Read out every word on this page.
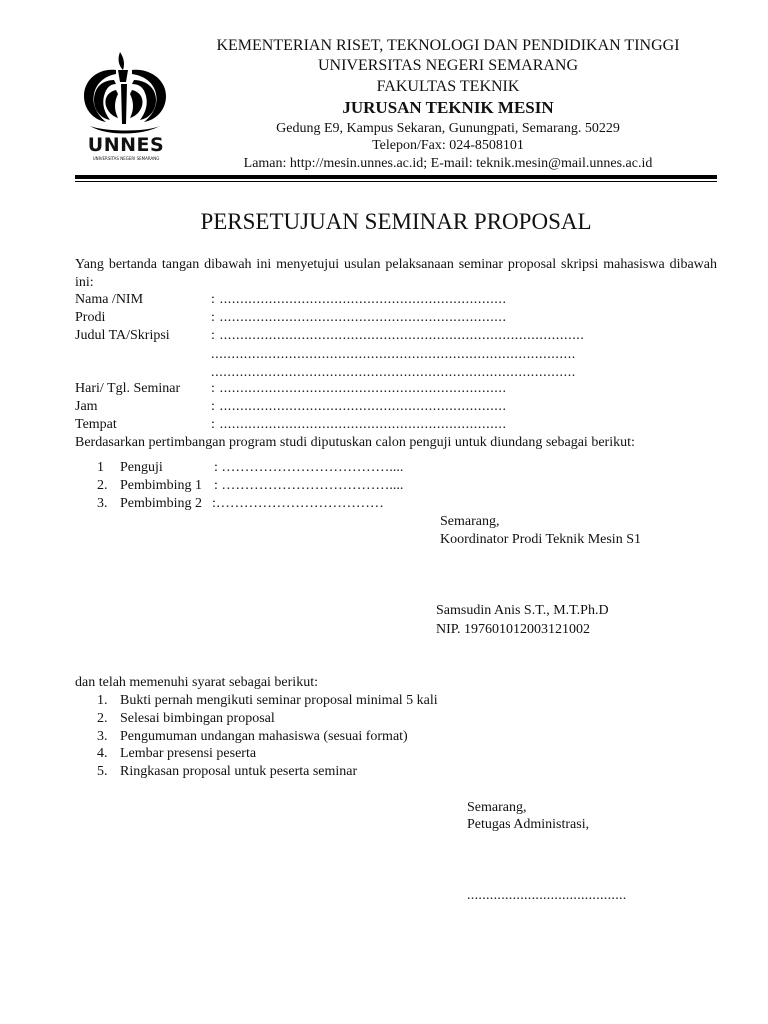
UNNES
UNIVERSITAS NEGERI SEMARANG
KEMENTERIAN RISET, TEKNOLOGI DAN PENDIDIKAN TINGGI
UNIVERSITAS NEGERI SEMARANG
FAKULTAS TEKNIK
JURUSAN TEKNIK MESIN
Gedung E9, Kampus Sekaran, Gunungpati, Semarang. 50229
Telepon/Fax: 024-8508101
Laman: http://mesin.unnes.ac.id; E-mail: teknik.mesin@mail.unnes.ac.id
PERSETUJUAN SEMINAR PROPOSAL
Yang bertanda tangan dibawah ini menyetujui usulan pelaksanaan seminar proposal skripsi mahasiswa dibawah ini:
Nama /NIM	: ......................................................................
Prodi	: ......................................................................
Judul TA/Skripsi	: .........................................................................................
.........................................................................................
.........................................................................................
Hari/ Tgl. Seminar : ......................................................................
Jam	: ......................................................................
Tempat	: ......................................................................
Berdasarkan pertimbangan program studi diputuskan calon penguji untuk diundang sebagai berikut:
1 Penguji	: ………………………………....
2. Pembimbing 1 : ………………………………....
3. Pembimbing 2 :………………………………
Semarang,
Koordinator Prodi Teknik Mesin S1
Samsudin Anis S.T., M.T.Ph.D
NIP. 197601012003121002
dan telah memenuhi syarat sebagai berikut:
1. Bukti pernah mengikuti seminar proposal minimal 5 kali
2. Selesai bimbingan proposal
3. Pengumuman undangan mahasiswa (sesuai format)
4. Lembar presensi peserta
5. Ringkasan proposal untuk peserta seminar
Semarang,
Petugas Administrasi,
..........................................
